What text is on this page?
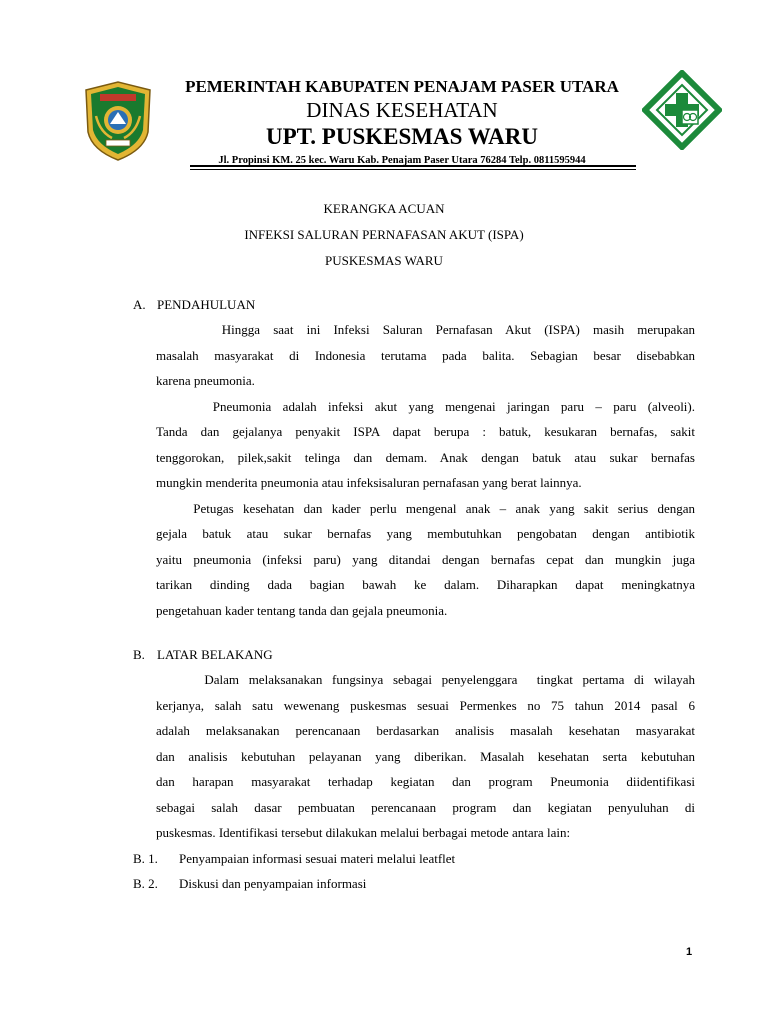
PEMERINTAH KABUPATEN PENAJAM PASER UTARA
DINAS KESEHATAN
UPT. PUSKESMAS WARU
Jl. Propinsi KM. 25 kec. Waru Kab. Penajam Paser Utara 76284 Telp. 0811595944
KERANGKA ACUAN
INFEKSI SALURAN PERNAFASAN AKUT (ISPA)
PUSKESMAS WARU
A. PENDAHULUAN
Hingga saat ini Infeksi Saluran Pernafasan Akut (ISPA) masih merupakan
masalah masyarakat di Indonesia terutama pada balita. Sebagian besar disebabkan
karena pneumonia.
Pneumonia adalah infeksi akut yang mengenai jaringan paru – paru (alveoli).
Tanda dan gejalanya penyakit ISPA dapat berupa : batuk, kesukaran bernafas, sakit
tenggorokan, pilek,sakit telinga dan demam. Anak dengan batuk atau sukar bernafas
mungkin menderita pneumonia atau infeksisaluran pernafasan yang berat lainnya.
Petugas kesehatan dan kader perlu mengenal anak – anak yang sakit serius dengan
gejala batuk atau sukar bernafas yang membutuhkan pengobatan dengan antibiotik
yaitu pneumonia (infeksi paru) yang ditandai dengan bernafas cepat dan mungkin juga
tarikan dinding dada bagian bawah ke dalam. Diharapkan dapat meningkatnya
pengetahuan kader tentang tanda dan gejala pneumonia.
B. LATAR BELAKANG
Dalam melaksanakan fungsinya sebagai penyelenggara  tingkat pertama di wilayah
kerjanya, salah satu wewenang puskesmas sesuai Permenkes no 75 tahun 2014 pasal 6
adalah melaksanakan perencanaan berdasarkan analisis masalah kesehatan masyarakat
dan analisis kebutuhan pelayanan yang diberikan. Masalah kesehatan serta kebutuhan
dan harapan masyarakat terhadap kegiatan dan program Pneumonia diidentifikasi
sebagai salah dasar pembuatan perencanaan program dan kegiatan penyuluhan di
puskesmas. Identifikasi tersebut dilakukan melalui berbagai metode antara lain:
B. 1.	Penyampaian informasi sesuai materi melalui leatflet
B. 2.	Diskusi dan penyampaian informasi
1
